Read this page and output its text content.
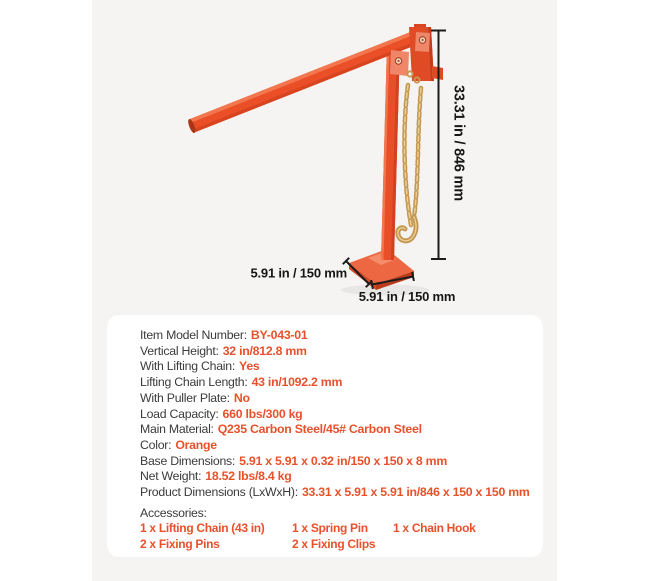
33.31 in / 846 mm
5.91 in / 150 mm
5.91 in / 150 mm
Item Model Number: BY-043-01
Vertical Height: 32 in/812.8 mm
With Lifting Chain: Yes
Lifting Chain Length: 43 in/1092.2 mm
With Puller Plate: No
Load Capacity: 660 lbs/300 kg
Main Material: Q235 Carbon Steel/45# Carbon Steel
Color: Orange
Base Dimensions: 5.91 x 5.91 x 0.32 in/150 x 150 x 8 mm
Net Weight: 18.52 lbs/8.4 kg
Product Dimensions (LxWxH): 33.31 x 5.91 x 5.91 in/846 x 150 x 150 mm
Accessories:
1 x Lifting Chain (43 in)	1 x Spring Pin	1 x Chain Hook
2 x Fixing Pins	2 x Fixing Clips
